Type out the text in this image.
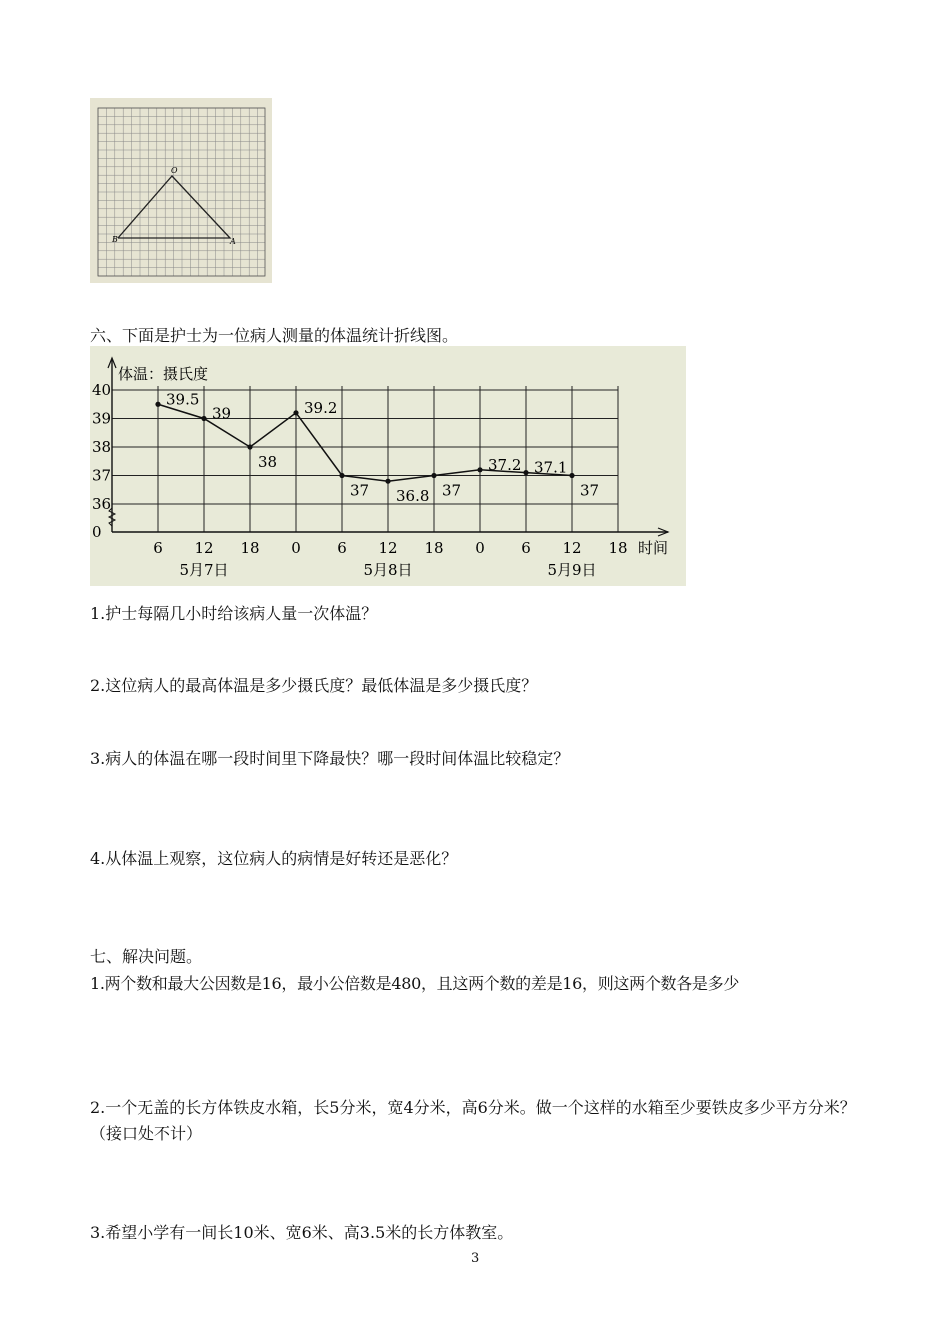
O
B	A
六、下面是护士为一位病人测量的体温统计折线图。
0
36
37
38
39
40
6 12 18 0 6 12 18 0 6 12 18
5月7日	5月8日	5月9日
39.5
39
38
39.2
37 36.8 37
37.2 37.1
37
体温：摄氏度
时间
1.护士每隔几小时给该病人量一次体温？
2.这位病人的最高体温是多少摄氏度？最低体温是多少摄氏度？
3.病人的体温在哪一段时间里下降最快？哪一段时间体温比较稳定？
4.从体温上观察，这位病人的病情是好转还是恶化？
七、解决问题。
1.两个数和最大公因数是16，最小公倍数是480，且这两个数的差是16，则这两个数各是多少
2.一个无盖的长方体铁皮水箱，长5分米，宽4分米，高6分米。做一个这样的水箱至少要铁皮多少平方分米？（接口处不计）
3.希望小学有一间长10米、宽6米、高3.5米的长方体教室。
3
